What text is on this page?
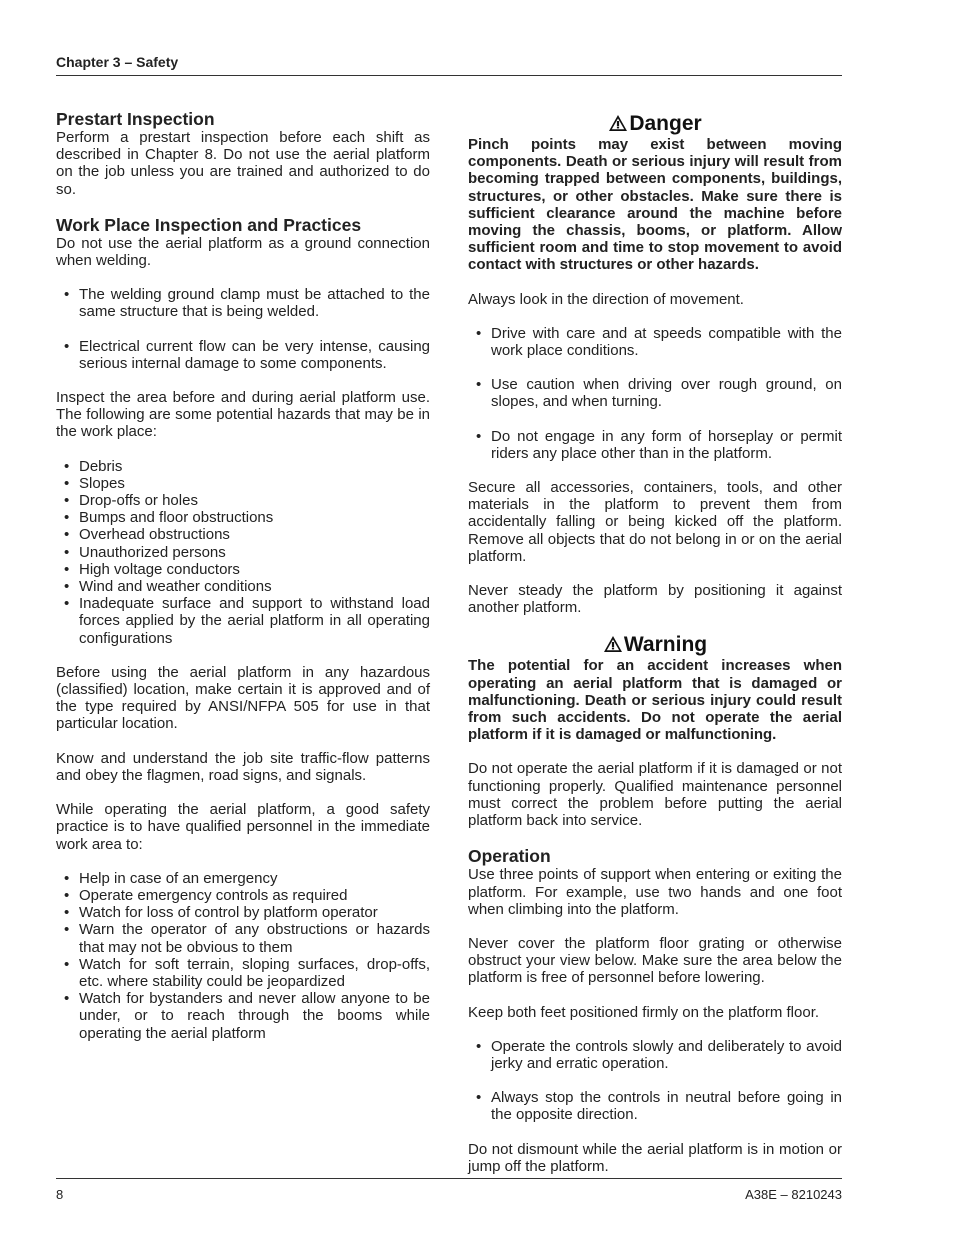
Chapter 3 – Safety
Prestart Inspection

Perform a prestart inspection before each shift as described in Chapter 8. Do not use the aerial platform on the job unless you are trained and authorized to do so.

Work Place Inspection and Practices

Do not use the aerial platform as a ground connection when welding.

• The welding ground clamp must be attached to the same structure that is being welded.
• Electrical current flow can be very intense, causing serious internal damage to some components.

Inspect the area before and during aerial platform use. The following are some potential hazards that may be in the work place:

• Debris
• Slopes
• Drop-offs or holes
• Bumps and floor obstructions
• Overhead obstructions
• Unauthorized persons
• High voltage conductors
• Wind and weather conditions
• Inadequate surface and support to withstand load forces applied by the aerial platform in all operating configurations

Before using the aerial platform in any hazardous (classified) location, make certain it is approved and of the type required by ANSI/NFPA 505 for use in that particular location.

Know and understand the job site traffic-flow patterns and obey the flagmen, road signs, and signals.

While operating the aerial platform, a good safety practice is to have qualified personnel in the immediate work area to:

• Help in case of an emergency
• Operate emergency controls as required
• Watch for loss of control by platform operator
• Warn the operator of any obstructions or hazards that may not be obvious to them
• Watch for soft terrain, sloping surfaces, drop-offs, etc. where stability could be jeopardized
• Watch for bystanders and never allow anyone to be under, or to reach through the booms while operating the aerial platform
Danger

Pinch points may exist between moving components. Death or serious injury will result from becoming trapped between components, buildings, structures, or other obstacles. Make sure there is sufficient clearance around the machine before moving the chassis, booms, or platform. Allow sufficient room and time to stop movement to avoid contact with structures or other hazards.

Always look in the direction of movement.

• Drive with care and at speeds compatible with the work place conditions.
• Use caution when driving over rough ground, on slopes, and when turning.
• Do not engage in any form of horseplay or permit riders any place other than in the platform.

Secure all accessories, containers, tools, and other materials in the platform to prevent them from accidentally falling or being kicked off the platform. Remove all objects that do not belong in or on the aerial platform.

Never steady the platform by positioning it against another platform.

Warning

The potential for an accident increases when operating an aerial platform that is damaged or malfunctioning. Death or serious injury could result from such accidents. Do not operate the aerial platform if it is damaged or malfunctioning.

Do not operate the aerial platform if it is damaged or not functioning properly. Qualified maintenance personnel must correct the problem before putting the aerial platform back into service.

Operation

Use three points of support when entering or exiting the platform. For example, use two hands and one foot when climbing into the platform.

Never cover the platform floor grating or otherwise obstruct your view below. Make sure the area below the platform is free of personnel before lowering.

Keep both feet positioned firmly on the platform floor.

• Operate the controls slowly and deliberately to avoid jerky and erratic operation.
• Always stop the controls in neutral before going in the opposite direction.

Do not dismount while the aerial platform is in motion or jump off the platform.

8	A38E – 8210243
